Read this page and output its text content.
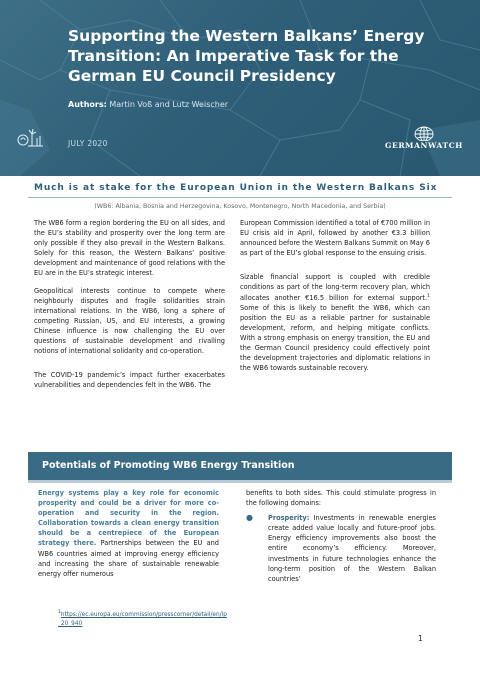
Supporting the Western Balkans’ Energy Transition: An Imperative Task for the German EU Council Presidency
Authors: Martin Voß and Lutz Weischer
JULY 2020	GERMANWATCH
Much is at stake for the European Union in the Western Balkans Six
(WB6: Albania, Bosnia and Herzegovina, Kosovo, Montenegro, North Macedonia, and Serbia)

The WB6 form a region bordering the EU on all sides, and the EU’s stability and prosperity over the long term are only possible if they also prevail in the Western Balkans. Solely for this reason, the Western Balkans’ positive development and maintenance of good relations with the EU are in the EU’s strategic interest.

Geopolitical interests continue to compete where neighbourly disputes and fragile solidarities strain international relations. In the WB6, long a sphere of competing Russian, US, and EU interests, a growing Chinese influence is now challenging the EU over questions of sustainable development and rivalling notions of international solidarity and co-operation.

The COVID-19 pandemic’s impact further exacerbates vulnerabilities and dependencies felt in the WB6. The

European Commission identified a total of €700 million in EU crisis aid in April, followed by another €3.3 billion announced before the Western Balkans Summit on May 6 as part of the EU’s global response to the ensuing crisis.

Sizable financial support is coupled with credible conditions as part of the long-term recovery plan, which allocates another €16.5 billion for external support.$^1$ Some of this is likely to benefit the WB6, which can position the EU as a reliable partner for sustainable development, reform, and helping mitigate conflicts. With a strong emphasis on energy transition, the EU and the German Council presidency could effectively point the development trajectories and diplomatic relations in the WB6 towards sustainable recovery.

Potentials of Promoting WB6 Energy Transition

Energy systems play a key role for economic prosperity and could be a driver for more co-operation and security in the region. Collaboration towards a clean energy transition should be a centrepiece of the European strategy there. Partnerships between the EU and WB6 countries aimed at improving energy efficiency and increasing the share of sustainable renewable energy offer numerous

benefits to both sides. This could stimulate progress in the following domains:

●	Prosperity: Investments in renewable energies create added value locally and future-proof jobs. Energy efficiency improvements also boost the entire economy’s efficiency. Moreover, investments in future technologies enhance the long-term position of the Western Balkan countries’
$^1$https://ec.europa.eu/commission/presscorner/detail/en/ip_20_940
1
